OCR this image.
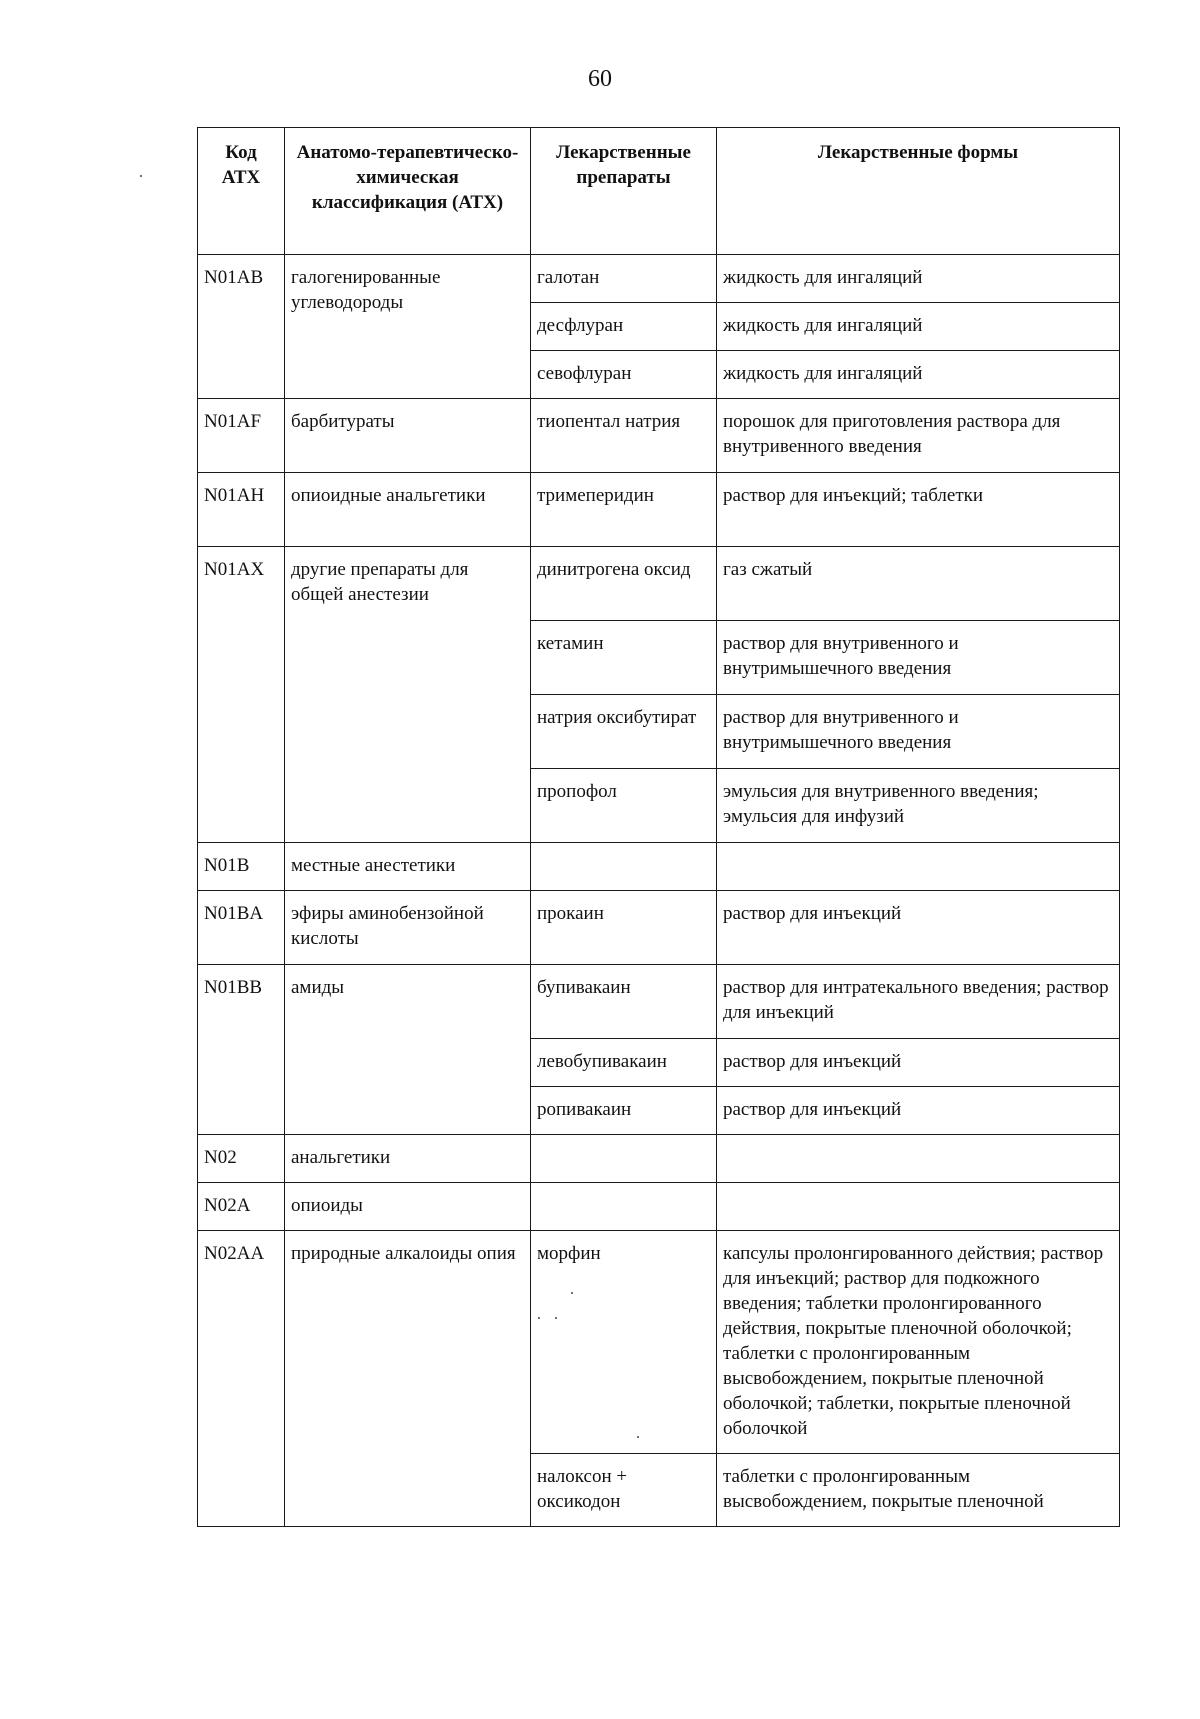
60
Код АТХ	Анатомо-терапевтическо-химическая классификация (АТХ)	Лекарственные препараты	Лекарственные формы
N01AB	галогенированные углеводороды	галотан	жидкость для ингаляций
		десфлуран	жидкость для ингаляций
		севофлуран	жидкость для ингаляций
N01AF	барбитураты	тиопентал натрия	порошок для приготовления раствора для внутривенного введения
N01AH	опиоидные анальгетики	тримеперидин	раствор для инъекций; таблетки
N01AX	другие препараты для общей анестезии	динитрогена оксид	газ сжатый
		кетамин	раствор для внутривенного и внутримышечного введения
		натрия оксибутират	раствор для внутривенного и внутримышечного введения
		пропофол	эмульсия для внутривенного введения; эмульсия для инфузий
N01B	местные анестетики		
N01BA	эфиры аминобензойной кислоты	прокаин	раствор для инъекций
N01BB	амиды	бупивакаин	раствор для интратекального введения; раствор для инъекций
		левобупивакаин	раствор для инъекций
		ропивакаин	раствор для инъекций
N02	анальгетики		
N02A	опиоиды		
N02AA	природные алкалоиды опия	морфин	капсулы пролонгированного действия; раствор для инъекций; раствор для подкожного введения; таблетки пролонгированного действия, покрытые пленочной оболочкой; таблетки с пролонгированным высвобождением, покрытые пленочной оболочкой; таблетки, покрытые пленочной оболочкой
		налоксон + оксикодон	таблетки с пролонгированным высвобождением, покрытые пленочной
